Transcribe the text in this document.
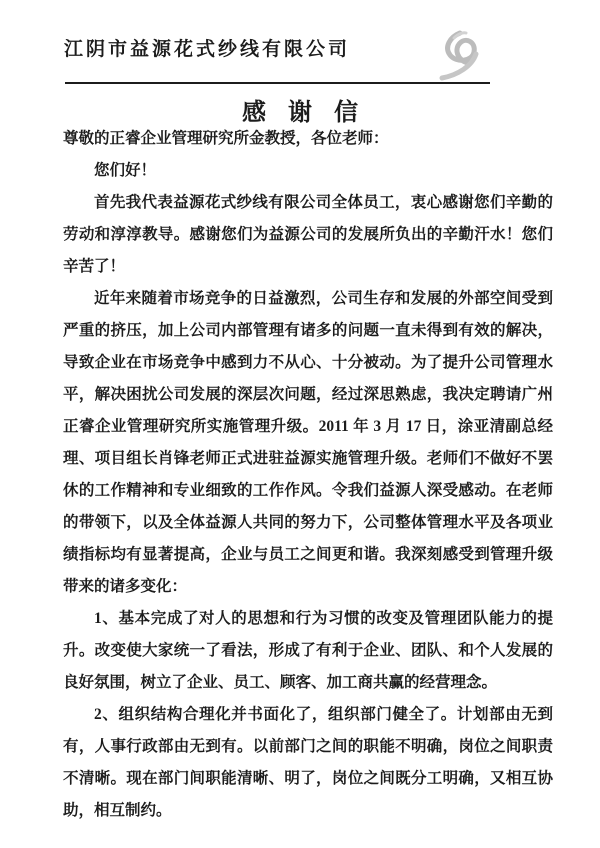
江阴市益源花式纱线有限公司
感 谢 信

尊敬的正睿企业管理研究所金教授，各位老师：

您们好！

首先我代表益源花式纱线有限公司全体员工，衷心感谢您们辛勤的劳动和淳淳教导。感谢您们为益源公司的发展所负出的辛勤汗水！您们辛苦了！

近年来随着市场竞争的日益激烈，公司生存和发展的外部空间受到严重的挤压，加上公司内部管理有诸多的问题一直未得到有效的解决，导致企业在市场竞争中感到力不从心、十分被动。为了提升公司管理水平，解决困扰公司发展的深层次问题，经过深思熟虑，我决定聘请广州正睿企业管理研究所实施管理升级。2011 年 3 月 17 日，涂亚清副总经理、项目组长肖锋老师正式进驻益源实施管理升级。老师们不做好不罢休的工作精神和专业细致的工作作风。令我们益源人深受感动。在老师的带领下，以及全体益源人共同的努力下，公司整体管理水平及各项业绩指标均有显著提高，企业与员工之间更和谐。我深刻感受到管理升级带来的诸多变化：

1、基本完成了对人的思想和行为习惯的改变及管理团队能力的提升。改变使大家统一了看法，形成了有利于企业、团队、和个人发展的良好氛围，树立了企业、员工、顾客、加工商共赢的经营理念。

2、组织结构合理化并书面化了，组织部门健全了。计划部由无到有，人事行政部由无到有。以前部门之间的职能不明确，岗位之间职责不清晰。现在部门间职能清晰、明了，岗位之间既分工明确，又相互协助，相互制约。
